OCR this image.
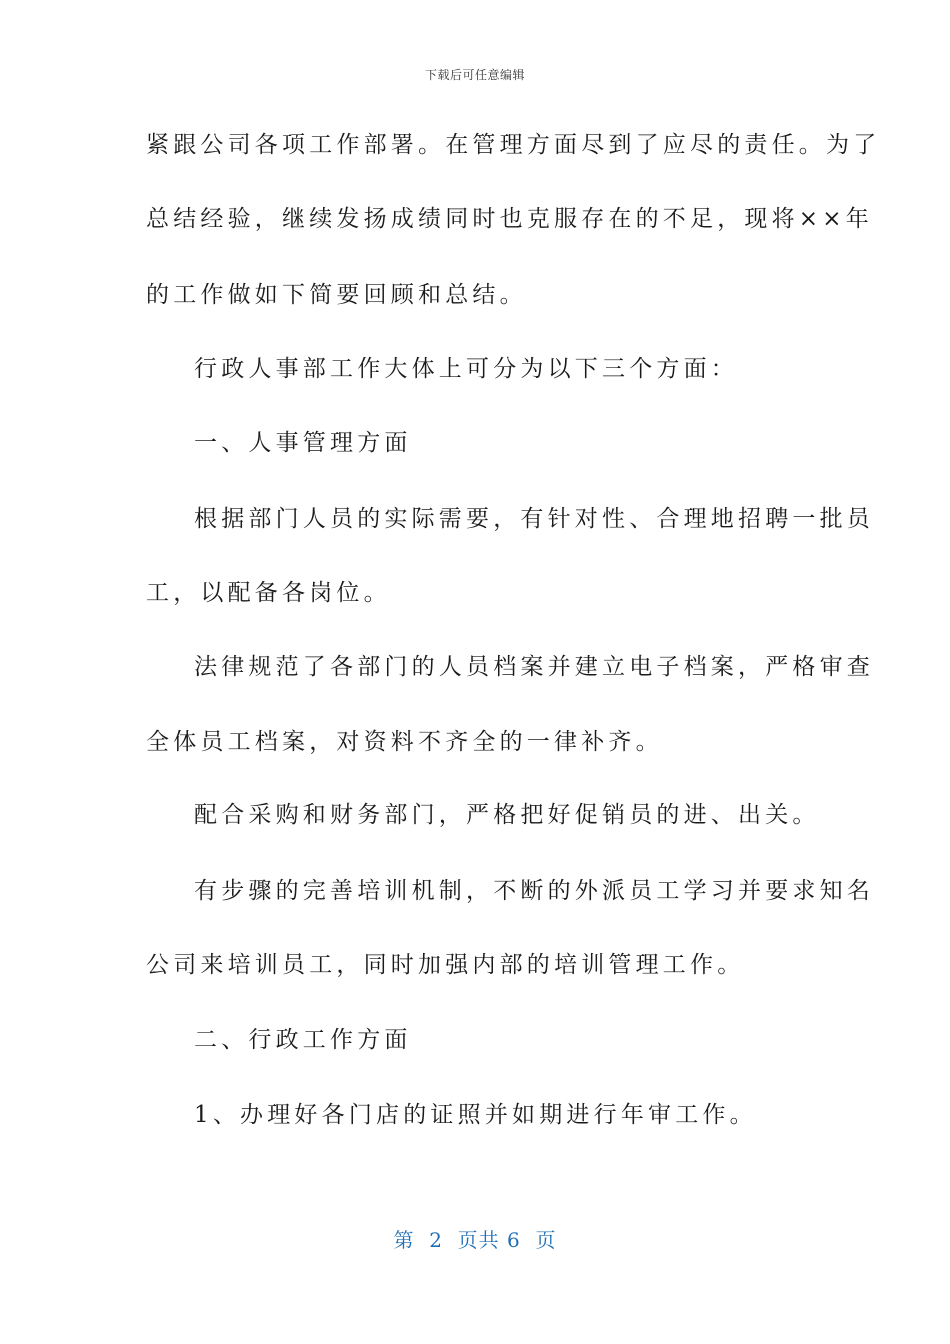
下载后可任意编辑
紧跟公司各项工作部署。在管理方面尽到了应尽的责任。为了
总结经验，继续发扬成绩同时也克服存在的不足，现将××年
的工作做如下简要回顾和总结。
行政人事部工作大体上可分为以下三个方面：
一、人事管理方面
根据部门人员的实际需要，有针对性、合理地招聘一批员
工，以配备各岗位。
法律规范了各部门的人员档案并建立电子档案，严格审查
全体员工档案，对资料不齐全的一律补齐。
配合采购和财务部门，严格把好促销员的进、出关。
有步骤的完善培训机制，不断的外派员工学习并要求知名
公司来培训员工，同时加强内部的培训管理工作。
二、行政工作方面
1、办理好各门店的证照并如期进行年审工作。
第  2  页共 6  页
